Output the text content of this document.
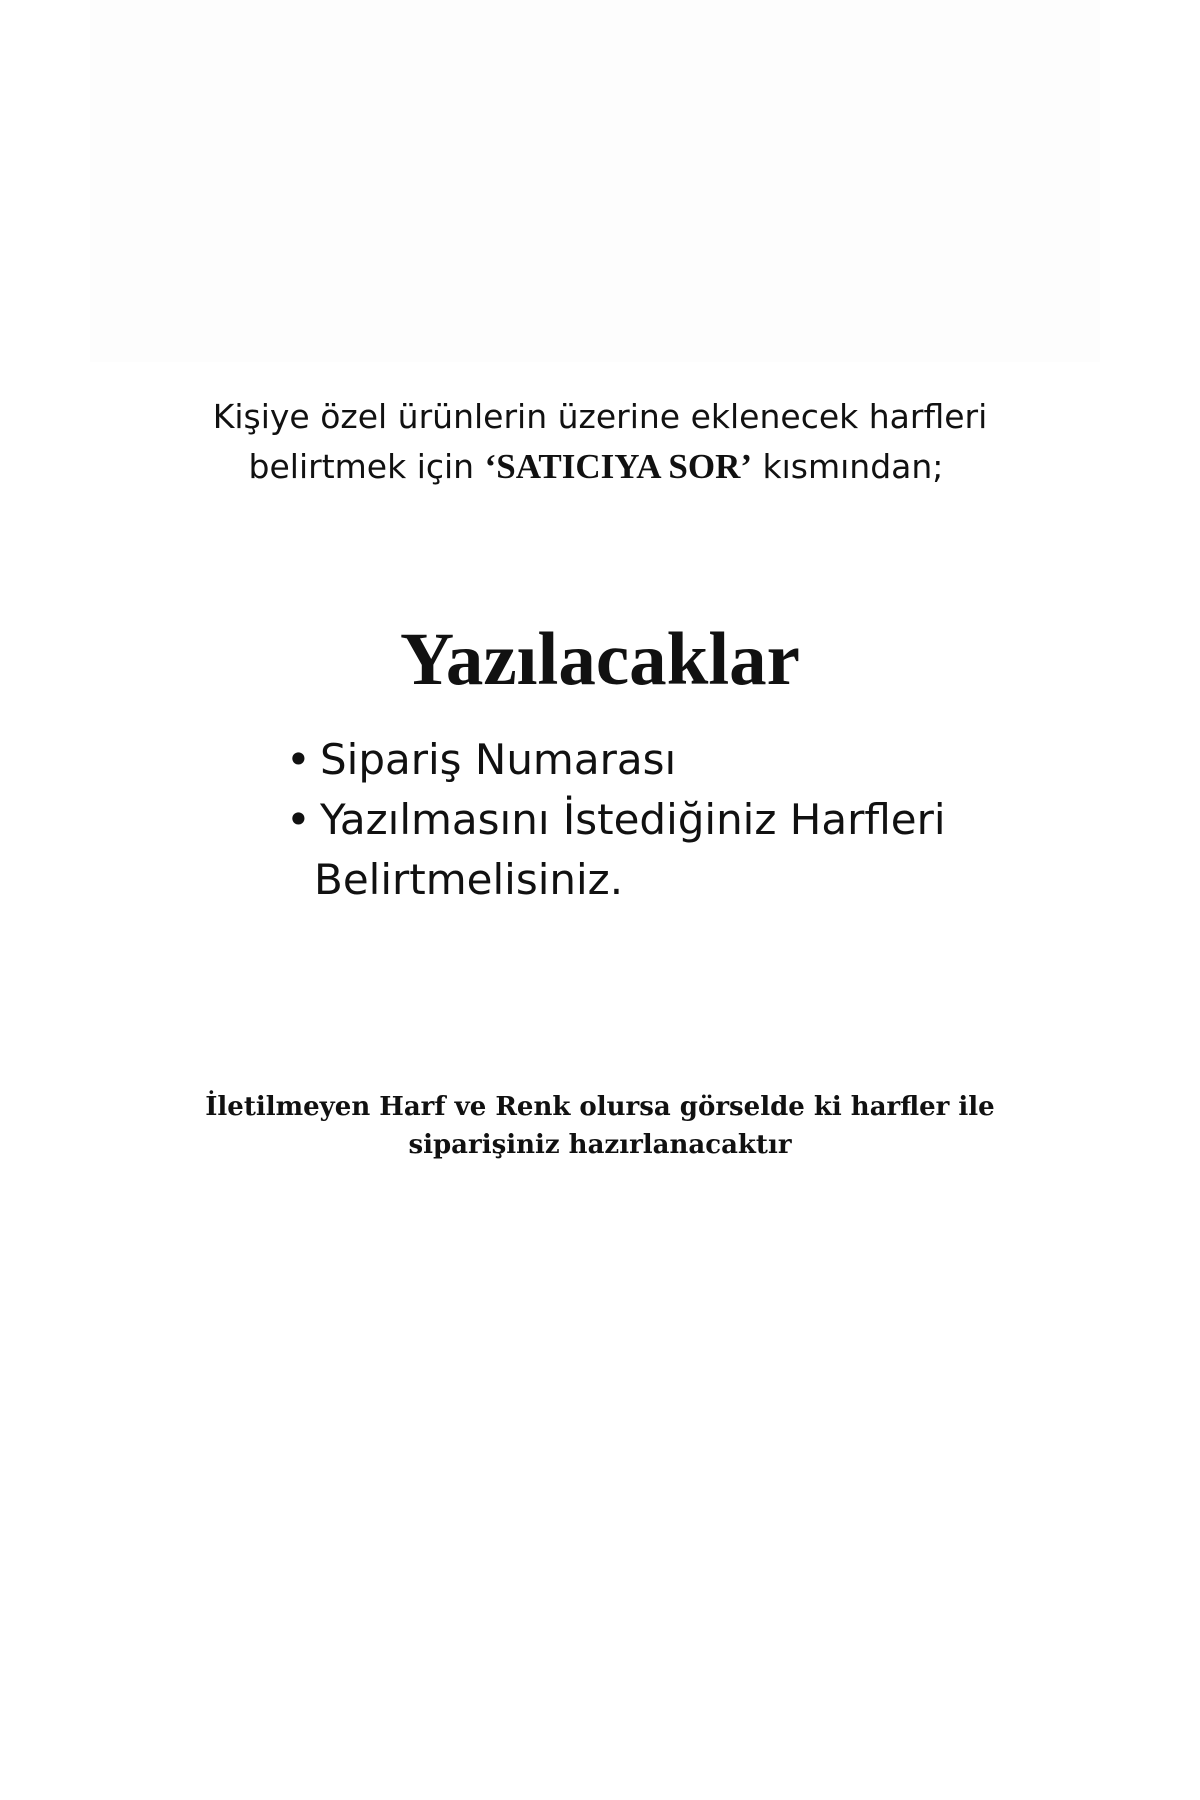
Kişiye özel ürünlerin üzerine eklenecek harfleri
belirtmek için ‘SATICIYA SOR’ kısmından;
Yazılacaklar
• Sipariş Numarası
• Yazılmasını İstediğiniz Harfleri
Belirtmelisiniz.
İletilmeyen Harf ve Renk olursa görselde ki harfler ile
siparişiniz hazırlanacaktır
